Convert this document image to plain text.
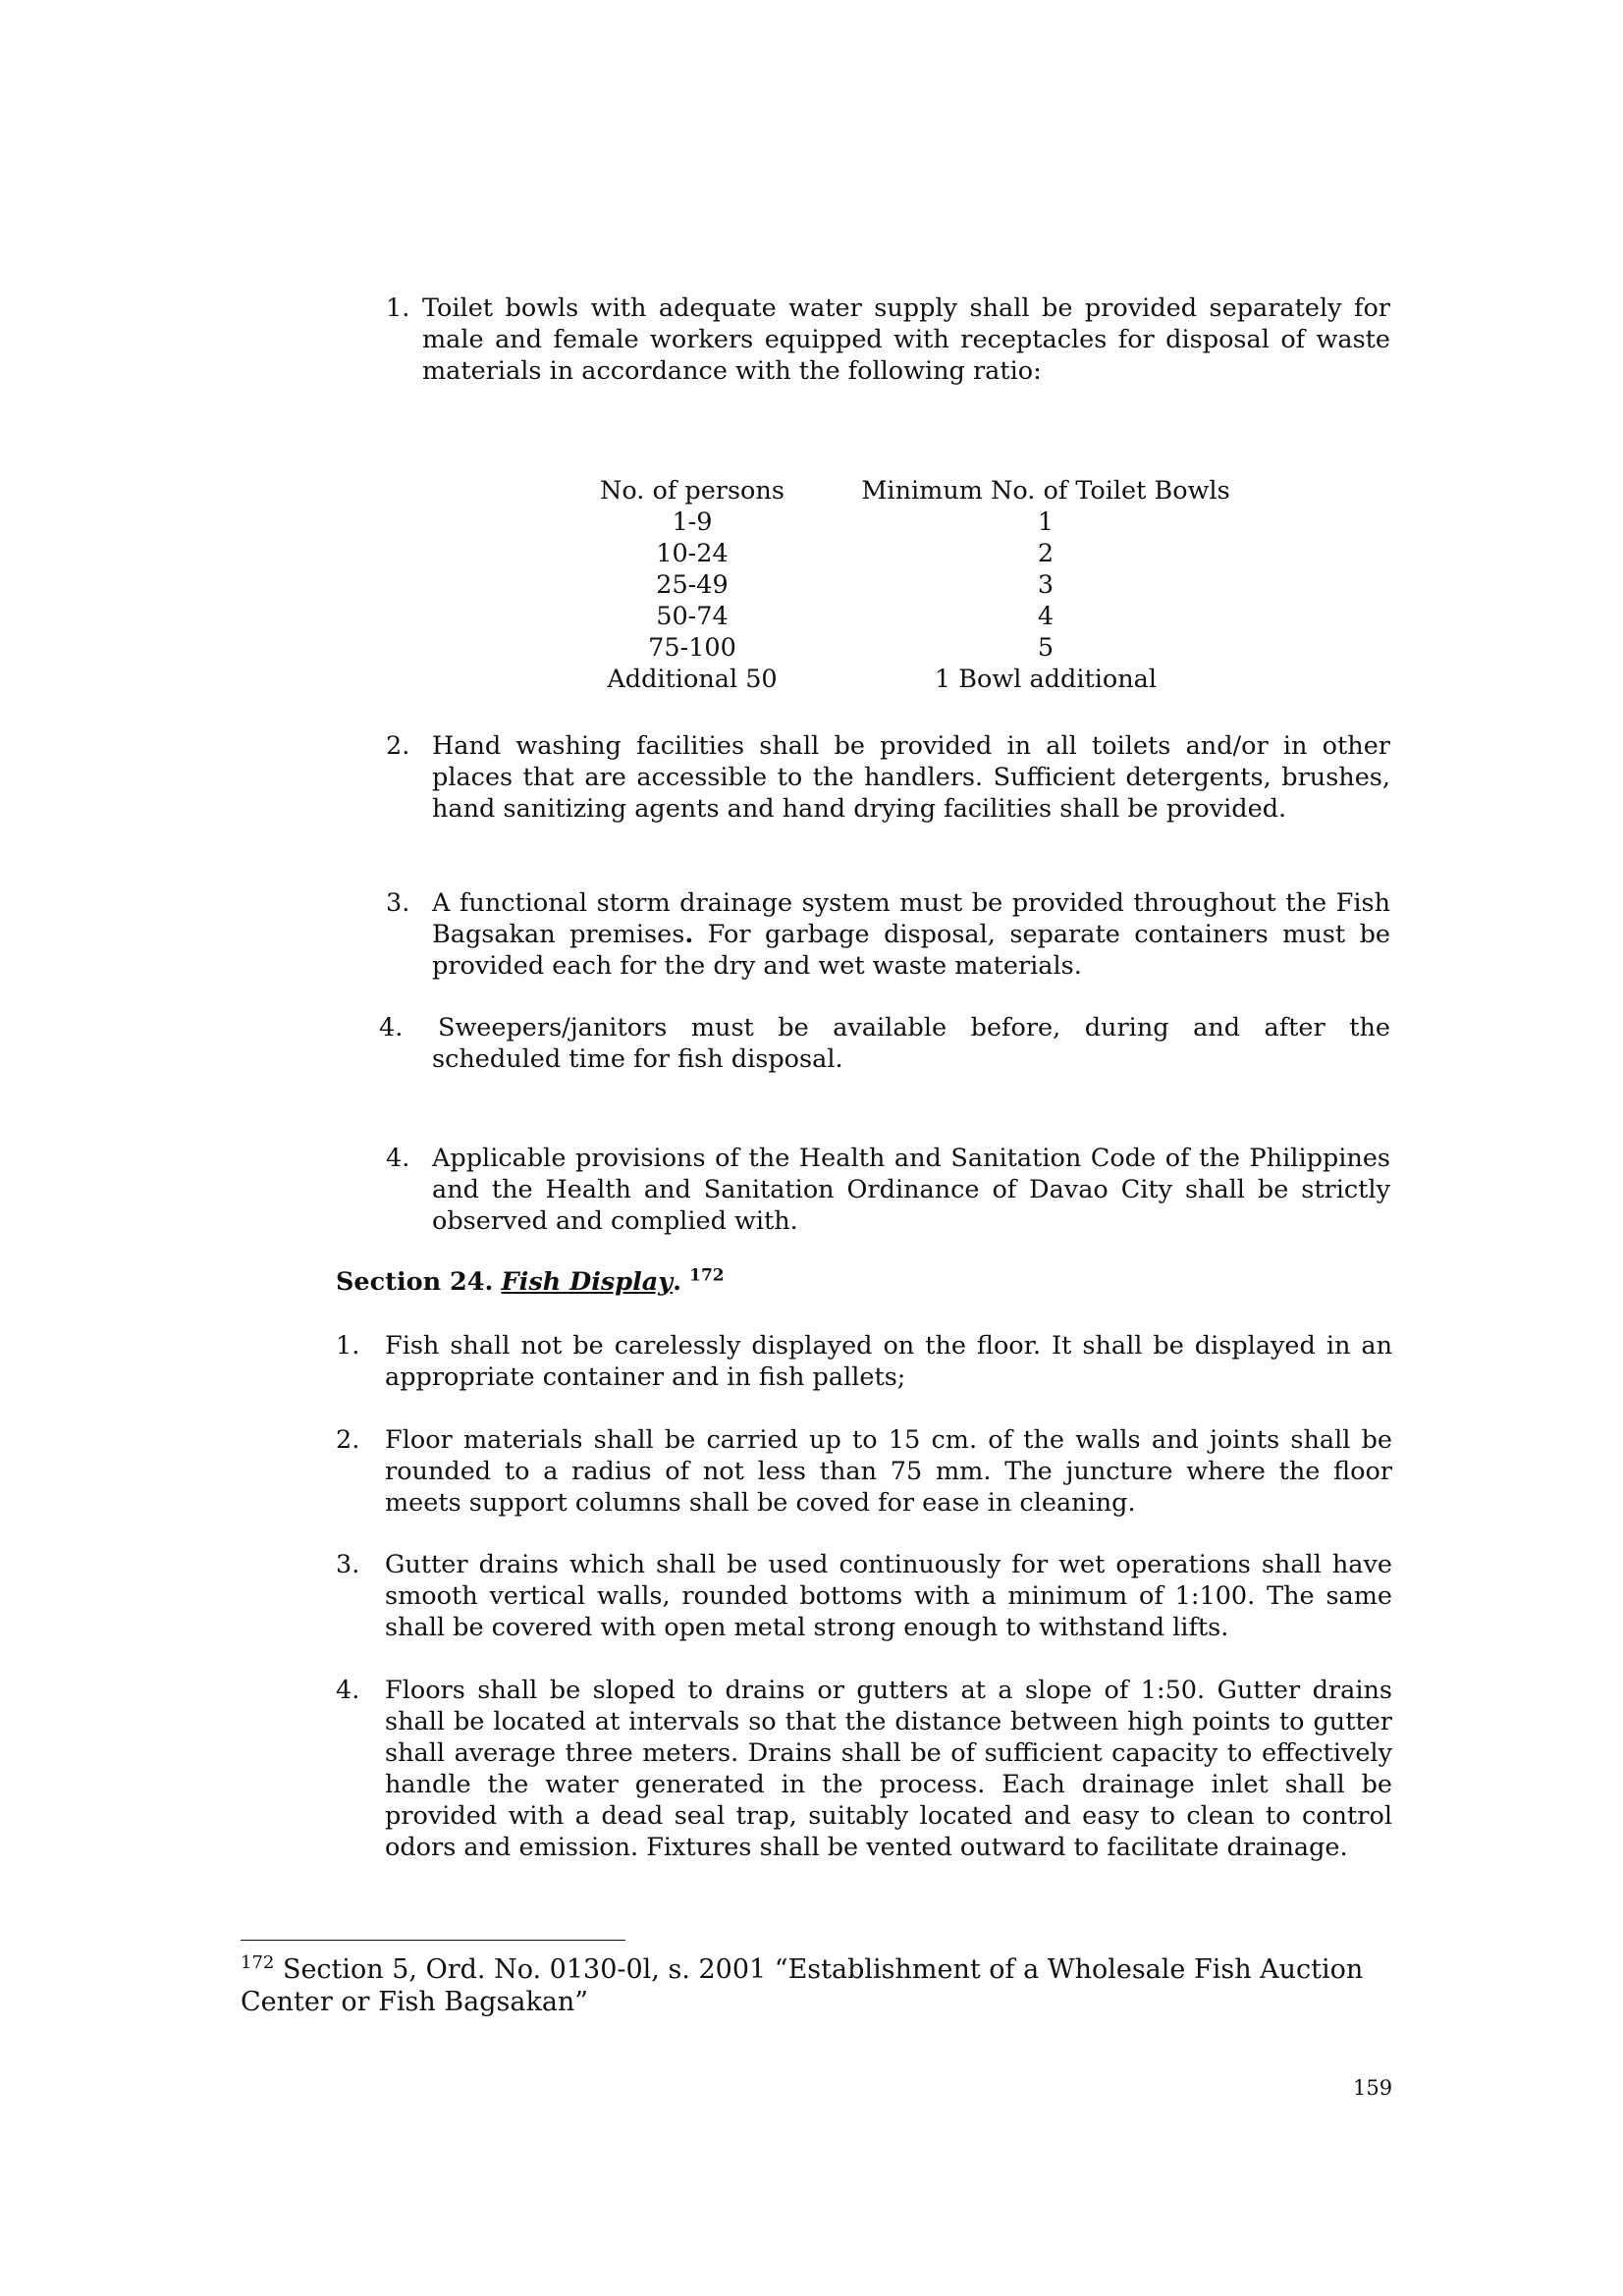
1. Toilet bowls with adequate water supply shall be provided separately for male and female workers equipped with receptacles for disposal of waste materials in accordance with the following ratio:
No. of persons	Minimum No. of Toilet Bowls
1-9	1
10-24	2
25-49	3
50-74	4
75-100	5
Additional 50	1 Bowl additional
2. Hand washing facilities shall be provided in all toilets and/or in other places that are accessible to the handlers. Sufficient detergents, brushes, hand sanitizing agents and hand drying facilities shall be provided.
3. A functional storm drainage system must be provided throughout the Fish Bagsakan premises. For garbage disposal, separate containers must be provided each for the dry and wet waste materials.
4. Sweepers/janitors must be available before, during and after the scheduled time for fish disposal.
4. Applicable provisions of the Health and Sanitation Code of the Philippines and the Health and Sanitation Ordinance of Davao City shall be strictly observed and complied with.
Section 24. Fish Display. $^{172}$
1. Fish shall not be carelessly displayed on the floor. It shall be displayed in an appropriate container and in fish pallets;
2. Floor materials shall be carried up to 15 cm. of the walls and joints shall be rounded to a radius of not less than 75 mm. The juncture where the floor meets support columns shall be coved for ease in cleaning.
3. Gutter drains which shall be used continuously for wet operations shall have smooth vertical walls, rounded bottoms with a minimum of 1:100. The same shall be covered with open metal strong enough to withstand lifts.
4. Floors shall be sloped to drains or gutters at a slope of 1:50. Gutter drains shall be located at intervals so that the distance between high points to gutter shall average three meters. Drains shall be of sufficient capacity to effectively handle the water generated in the process. Each drainage inlet shall be provided with a dead seal trap, suitably located and easy to clean to control odors and emission. Fixtures shall be vented outward to facilitate drainage.
$^{172}$ Section 5, Ord. No. 0130-0l, s. 2001 “Establishment of a Wholesale Fish Auction Center or Fish Bagsakan”
159
